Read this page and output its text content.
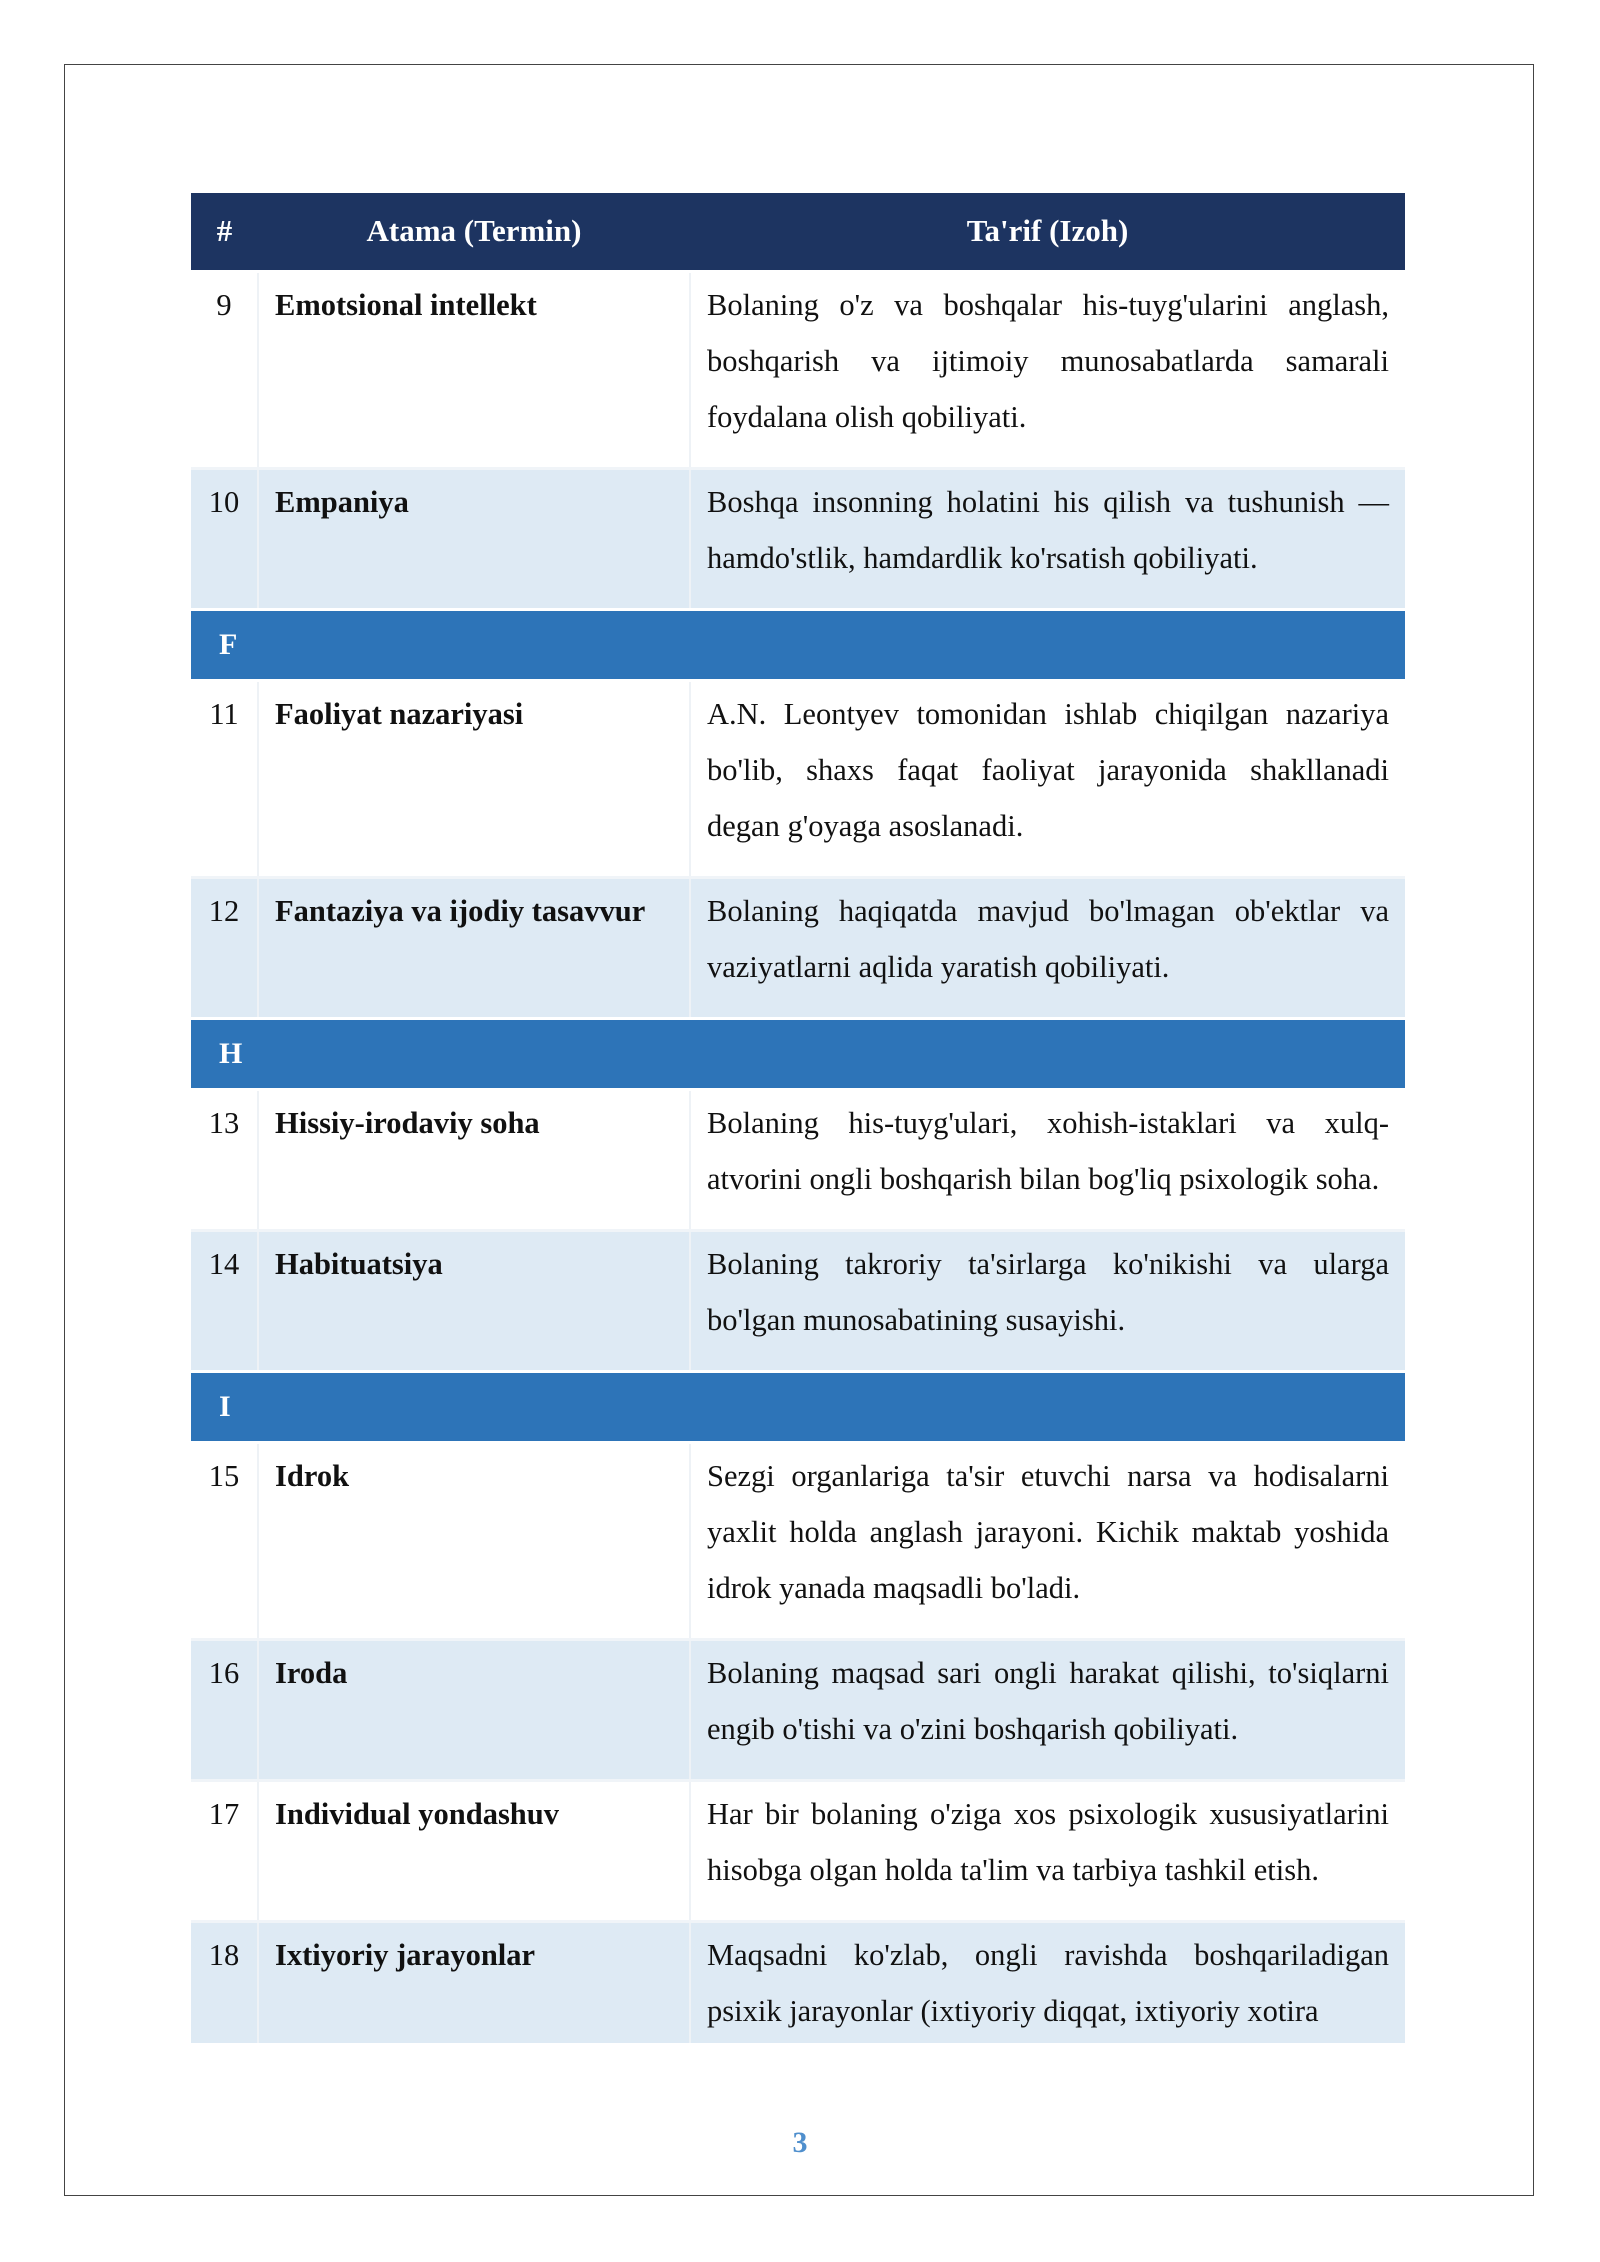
#	Atama (Termin)	Ta'rif (Izoh)
9	Emotsional intellekt	Bolaning o'z va boshqalar his-tuyg'ularini anglash, boshqarish va ijtimoiy munosabatlarda samarali foydalana olish qobiliyati.
10	Empaniya	Boshqa insonning holatini his qilish va tushunish — hamdo'stlik, hamdardlik ko'rsatish qobiliyati.
F		
11	Faoliyat nazariyasi	A.N. Leontyev tomonidan ishlab chiqilgan nazariya bo'lib, shaxs faqat faoliyat jarayonida shakllanadi degan g'oyaga asoslanadi.
12	Fantaziya va ijodiy tasavvur	Bolaning haqiqatda mavjud bo'lmagan ob'ektlar va vaziyatlarni aqlida yaratish qobiliyati.
H		
13	Hissiy-irodaviy soha	Bolaning his-tuyg'ulari, xohish-istaklari va xulq-atvorini ongli boshqarish bilan bog'liq psixologik soha.
14	Habituatsiya	Bolaning takroriy ta'sirlarga ko'nikishi va ularga bo'lgan munosabatining susayishi.
I		
15	Idrok	Sezgi organlariga ta'sir etuvchi narsa va hodisalarni yaxlit holda anglash jarayoni. Kichik maktab yoshida idrok yanada maqsadli bo'ladi.
16	Iroda	Bolaning maqsad sari ongli harakat qilishi, to'siqlarni engib o'tishi va o'zini boshqarish qobiliyati.
17	Individual yondashuv	Har bir bolaning o'ziga xos psixologik xususiyatlarini hisobga olgan holda ta'lim va tarbiya tashkil etish.
18	Ixtiyoriy jarayonlar	Maqsadni ko'zlab, ongli ravishda boshqariladigan psixik jarayonlar (ixtiyoriy diqqat, ixtiyoriy xotira
3
